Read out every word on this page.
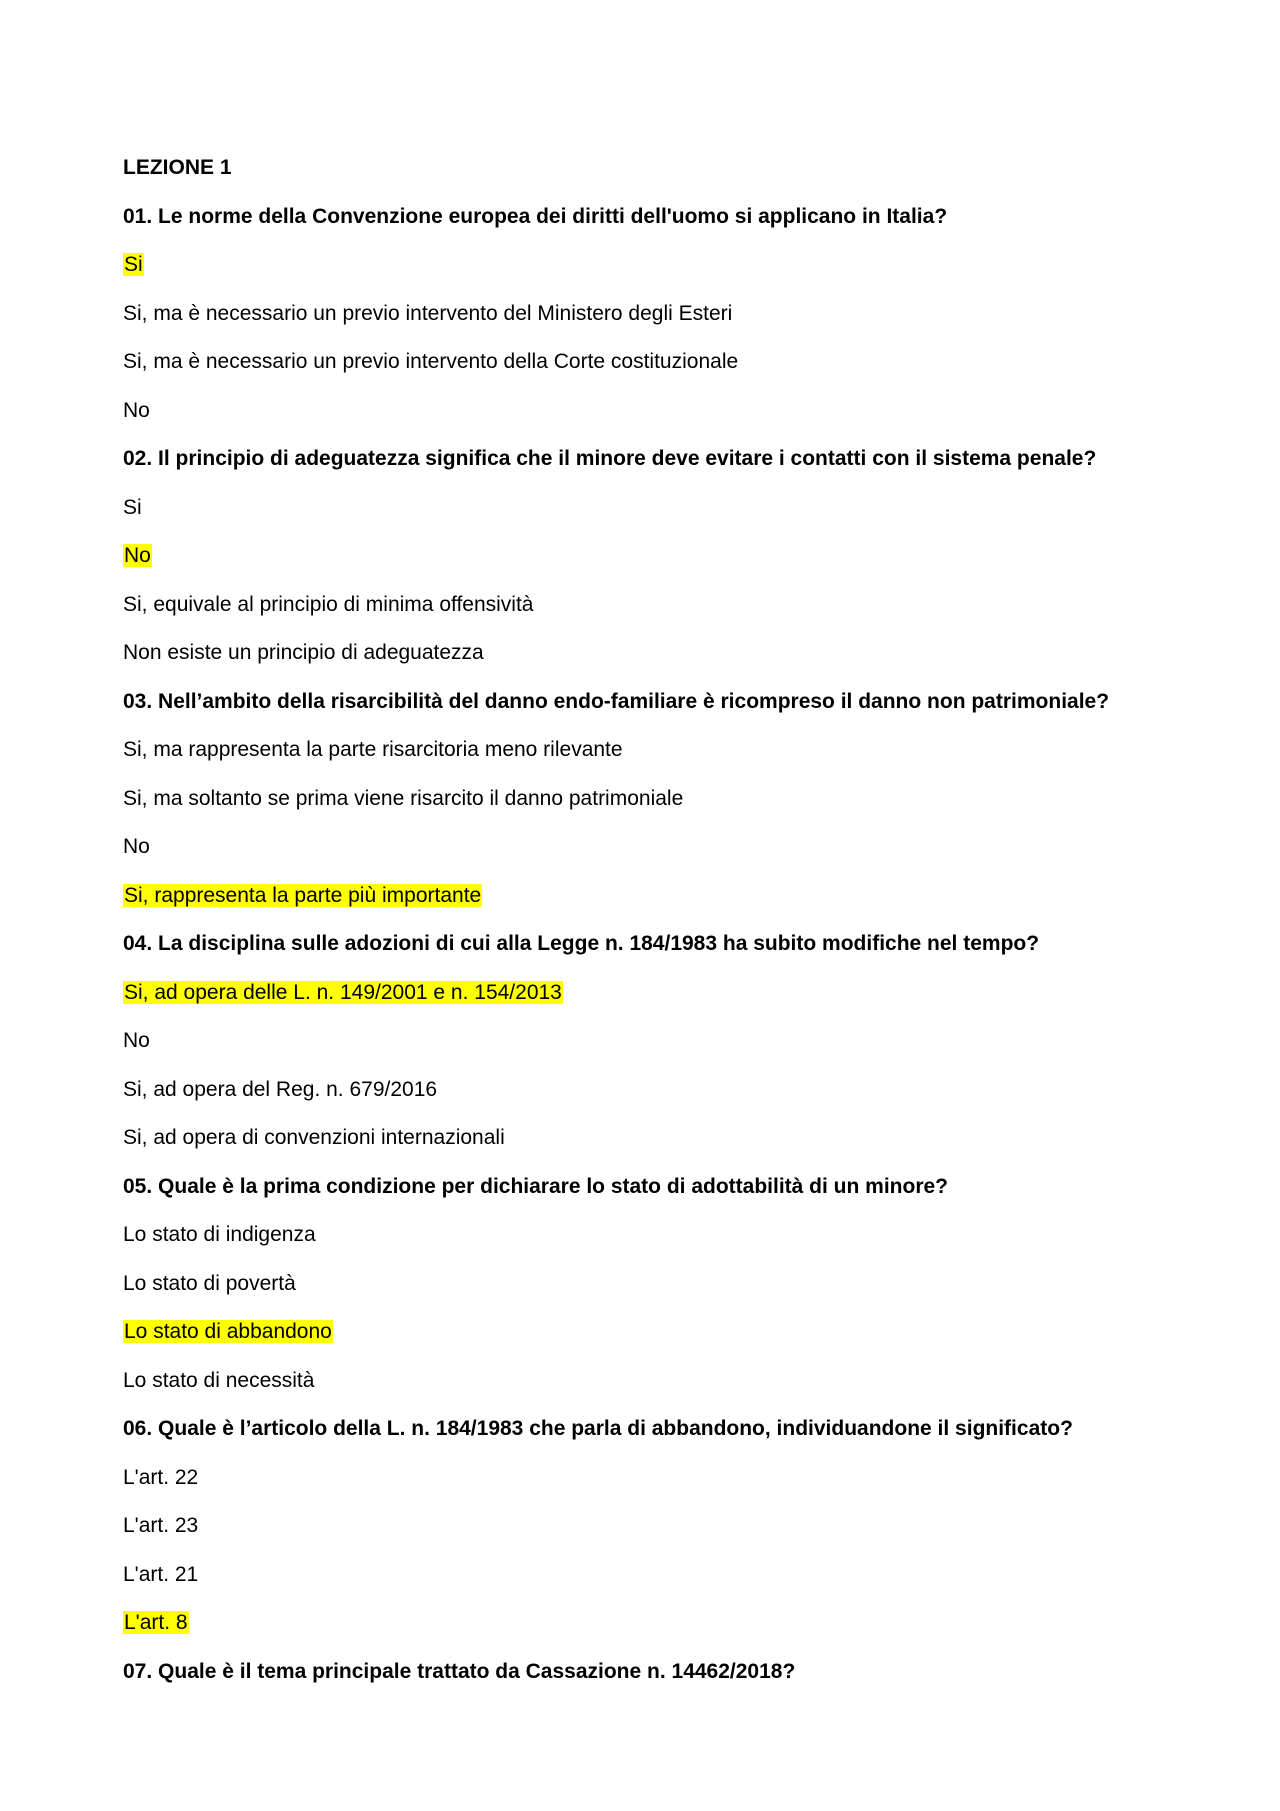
LEZIONE 1
01. Le norme della Convenzione europea dei diritti dell'uomo si applicano in Italia?
Si
Si, ma è necessario un previo intervento del Ministero degli Esteri
Si, ma è necessario un previo intervento della Corte costituzionale
No
02. Il principio di adeguatezza significa che il minore deve evitare i contatti con il sistema penale?
Si
No
Si, equivale al principio di minima offensività
Non esiste un principio di adeguatezza
03. Nell’ambito della risarcibilità del danno endo-familiare è ricompreso il danno non patrimoniale?
Si, ma rappresenta la parte risarcitoria meno rilevante
Si, ma soltanto se prima viene risarcito il danno patrimoniale
No
Si, rappresenta la parte più importante
04. La disciplina sulle adozioni di cui alla Legge n. 184/1983 ha subito modifiche nel tempo?
Si, ad opera delle L. n. 149/2001 e n. 154/2013
No
Si, ad opera del Reg. n. 679/2016
Si, ad opera di convenzioni internazionali
05. Quale è la prima condizione per dichiarare lo stato di adottabilità di un minore?
Lo stato di indigenza
Lo stato di povertà
Lo stato di abbandono
Lo stato di necessità
06. Quale è l’articolo della L. n. 184/1983 che parla di abbandono, individuandone il significato?
L'art. 22
L'art. 23
L'art. 21
L'art. 8
07. Quale è il tema principale trattato da Cassazione n. 14462/2018?
